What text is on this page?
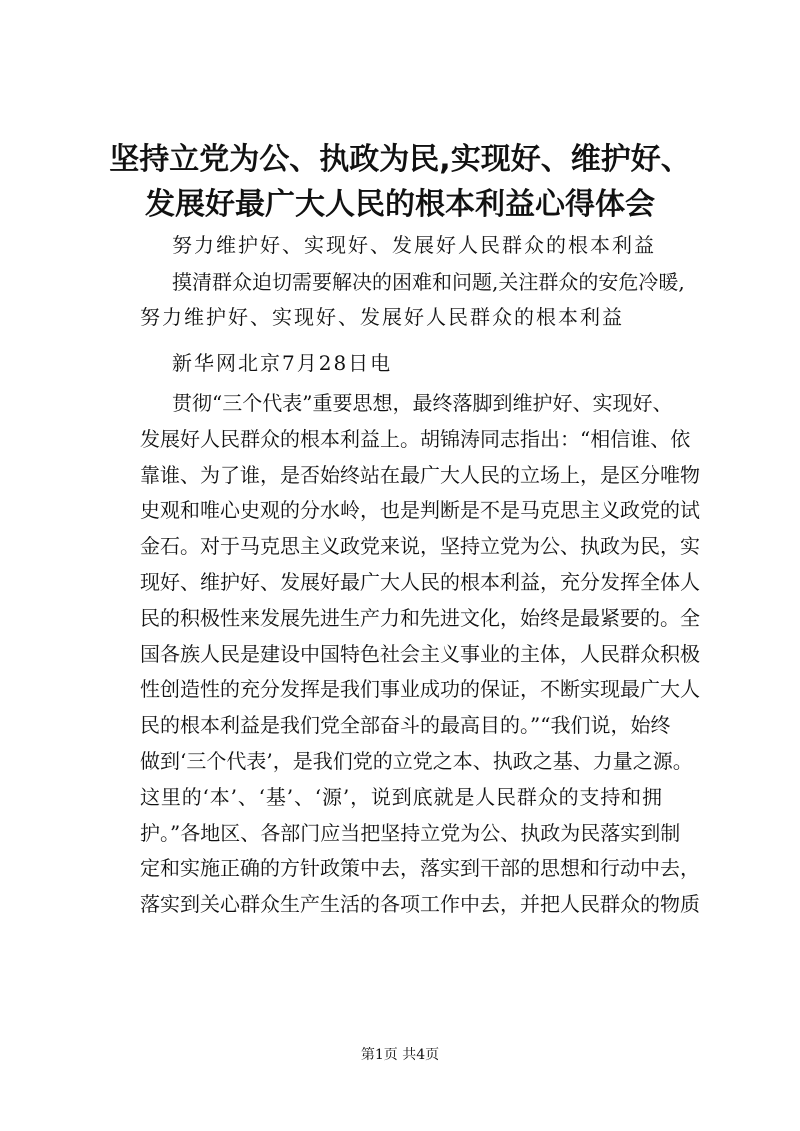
坚持立党为公、执政为民,实现好、维护好、
发展好最广大人民的根本利益心得体会
努力维护好、实现好、发展好人民群众的根本利益
摸清群众迫切需要解决的困难和问题,关注群众的安危冷暖,
努力维护好、实现好、发展好人民群众的根本利益
新华网北京7月28日电
贯彻“三个代表”重要思想，最终落脚到维护好、实现好、
发展好人民群众的根本利益上。胡锦涛同志指出：“相信谁、依
靠谁、为了谁，是否始终站在最广大人民的立场上，是区分唯物
史观和唯心史观的分水岭，也是判断是不是马克思主义政党的试
金石。对于马克思主义政党来说，坚持立党为公、执政为民，实
现好、维护好、发展好最广大人民的根本利益，充分发挥全体人
民的积极性来发展先进生产力和先进文化，始终是最紧要的。全
国各族人民是建设中国特色社会主义事业的主体，人民群众积极
性创造性的充分发挥是我们事业成功的保证，不断实现最广大人
民的根本利益是我们党全部奋斗的最高目的。”“我们说，始终
做到‘三个代表’，是我们党的立党之本、执政之基、力量之源。
这里的‘本’、‘基’、‘源’，说到底就是人民群众的支持和拥
护。”各地区、各部门应当把坚持立党为公、执政为民落实到制
定和实施正确的方针政策中去，落实到干部的思想和行动中去，
落实到关心群众生产生活的各项工作中去，并把人民群众的物质
第1页 共4页
